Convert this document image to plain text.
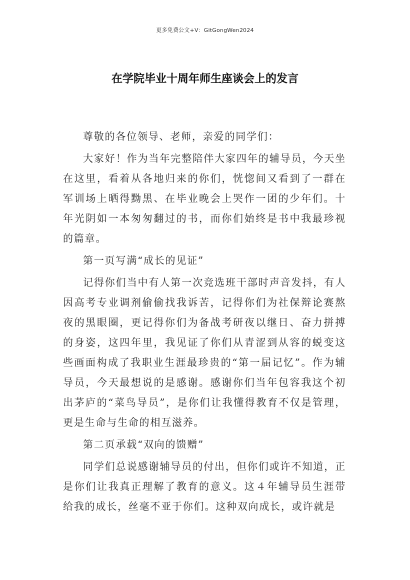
更多免费公文+V：GitGongWen2024
在学院毕业十周年师生座谈会上的发言

尊敬的各位领导、老师，亲爱的同学们：

大家好！作为当年完整陪伴大家四年的辅导员，今天坐在这里，看着从各地归来的你们，恍惚间又看到了一群在军训场上晒得黝黑、在毕业晚会上哭作一团的少年们。十年光阴如一本匆匆翻过的书，而你们始终是书中我最珍视的篇章。

第一页写满“成长的见证”

记得你们当中有人第一次竞选班干部时声音发抖，有人因高考专业调剂偷偷找我诉苦，记得你们为社保辩论赛熬夜的黑眼圈，更记得你们为备战考研夜以继日、奋力拼搏的身姿，这四年里，我见证了你们从青涩到从容的蜕变这些画面构成了我职业生涯最珍贵的“第一届记忆”。作为辅导员，今天最想说的是感谢。感谢你们当年包容我这个初出茅庐的“菜鸟导员”，是你们让我懂得教育不仅是管理，更是生命与生命的相互滋养。

第二页承载“双向的馈赠”

同学们总说感谢辅导员的付出，但你们或许不知道，正是你们让我真正理解了教育的意义。这４年辅导员生涯带给我的成长，丝毫不亚于你们。这种双向成长，或许就是
